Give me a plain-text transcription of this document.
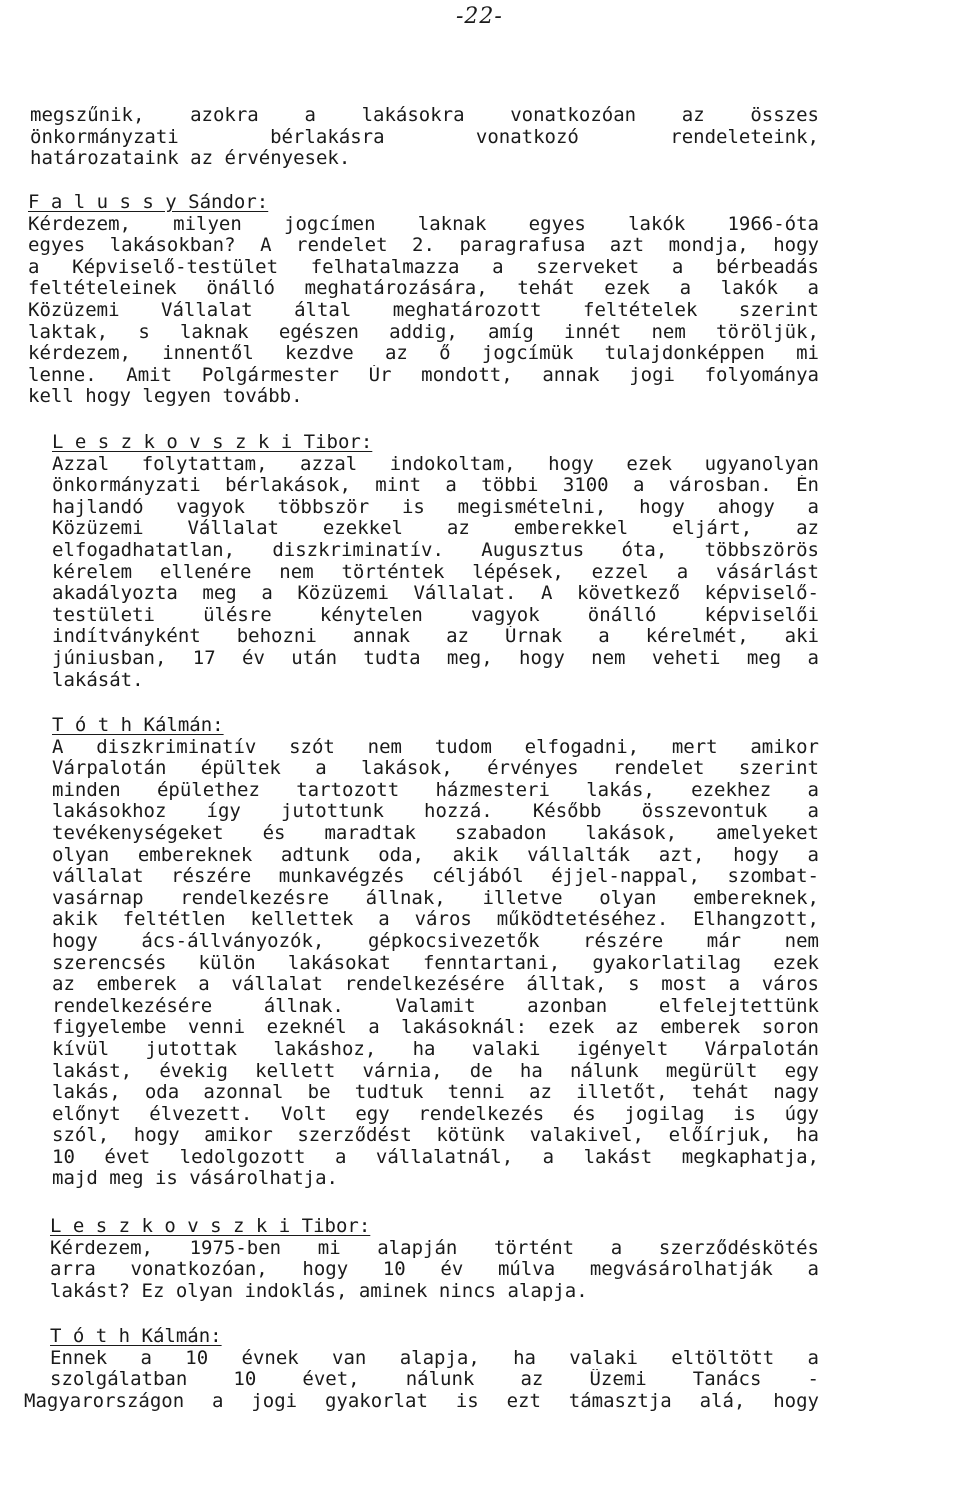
-22-
megszűnik, azokra a lakásokra vonatkozóan az összes
önkormányzati bérlakásra vonatkozó rendeleteink,
határozataink az érvényesek.
F a l u s s y Sándor:
Kérdezem, milyen jogcímen laknak egyes lakók 1966-óta
egyes lakásokban? A rendelet 2. paragrafusa azt mondja, hogy
a Képviselő-testület felhatalmazza a szerveket a bérbeadás
feltételeinek önálló meghatározására, tehát ezek a lakók a
Közüzemi Vállalat által meghatározott feltételek szerint
laktak, s laknak egészen addig, amíg innét nem töröljük,
kérdezem, innentől kezdve az ő jogcímük tulajdonképpen mi
lenne. Amit Polgármester Úr mondott, annak jogi folyománya
kell hogy legyen tovább.
L e s z k o v s z k i Tibor:
Azzal folytattam, azzal indokoltam, hogy ezek ugyanolyan
önkormányzati bérlakások, mint a többi 3100 a városban. Én
hajlandó vagyok többször is megismételni, hogy ahogy a
Közüzemi Vállalat ezekkel az emberekkel eljárt, az
elfogadhatatlan, diszkriminatív. Augusztus óta, többszörös
kérelem ellenére nem történtek lépések, ezzel a vásárlást
akadályozta meg a Közüzemi Vállalat. A következő képviselő-
testületi ülésre kénytelen vagyok önálló képviselői
indítványként behozni annak az Úrnak a kérelmét, aki
júniusban, 17 év után tudta meg, hogy nem veheti meg a
lakását.
T ó t h Kálmán:
A diszkriminatív szót nem tudom elfogadni, mert amikor
Várpalotán épültek a lakások, érvényes rendelet szerint
minden épülethez tartozott házmesteri lakás, ezekhez a
lakásokhoz így jutottunk hozzá. Később összevontuk a
tevékenységeket és maradtak szabadon lakások, amelyeket
olyan embereknek adtunk oda, akik vállalták azt, hogy a
vállalat részére munkavégzés céljából éjjel-nappal, szombat-
vasárnap rendelkezésre állnak, illetve olyan embereknek,
akik feltétlen kellettek a város működtetéséhez. Elhangzott,
hogy ács-állványozók, gépkocsivezetők részére már nem
szerencsés külön lakásokat fenntartani, gyakorlatilag ezek
az emberek a vállalat rendelkezésére álltak, s most a város
rendelkezésére állnak. Valamit azonban elfelejtettünk
figyelembe venni ezeknél a lakásoknál: ezek az emberek soron
kívül jutottak lakáshoz, ha valaki igényelt Várpalotán
lakást, évekig kellett várnia, de ha nálunk megürült egy
lakás, oda azonnal be tudtuk tenni az illetőt, tehát nagy
előnyt élvezett. Volt egy rendelkezés és jogilag is úgy
szól, hogy amikor szerződést kötünk valakivel, előírjuk, ha
10 évet ledolgozott a vállalatnál, a lakást megkaphatja,
majd meg is vásárolhatja.
L e s z k o v s z k i Tibor:
Kérdezem, 1975-ben mi alapján történt a szerződéskötés
arra vonatkozóan, hogy 10 év múlva megvásárolhatják a
lakást? Ez olyan indoklás, aminek nincs alapja.
T ó t h Kálmán:
Ennek a 10 évnek van alapja, ha valaki eltöltött a
szolgálatban 10 évet, nálunk az Üzemi Tanács -
Magyarországon a jogi gyakorlat is ezt támasztja alá, hogy
